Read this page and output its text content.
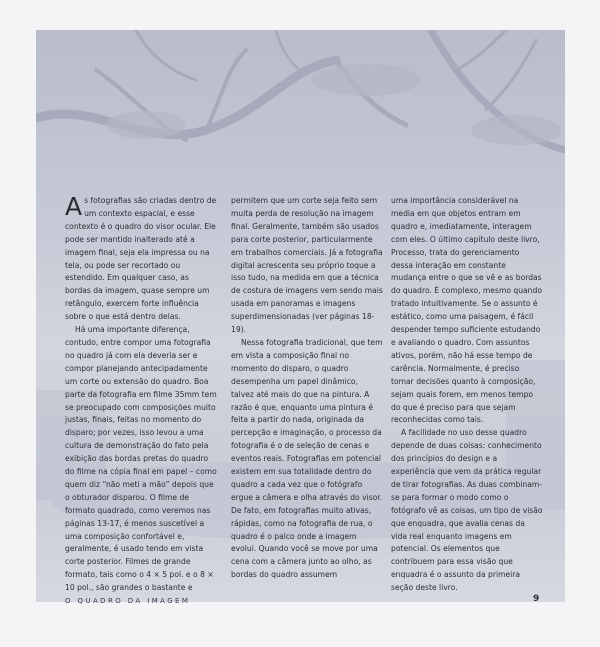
As fotografias são criadas dentro de um contexto espacial, e esse contexto é o quadro do visor ocular. Ele pode ser mantido inalterado até a imagem final, seja ela impressa ou na tela, ou pode ser recortado ou estendido. Em qualquer caso, as bordas da imagem, quase sempre um retângulo, exercem forte influência sobre o que está dentro delas.

Há uma importante diferença, contudo, entre compor uma fotografia no quadro já com ela deveria ser e compor planejando antecipadamente um corte ou extensão do quadro. Boa parte da fotografia em filme 35mm tem se preocupado com composições muito justas, finais, feitas no momento do disparo; por vezes, isso levou a uma cultura de demonstração do fato pela exibição das bordas pretas do quadro do filme na cópia final em papel – como quem diz “não meti a mão” depois que o obturador disparou. O filme de formato quadrado, como veremos nas páginas 13-17, é menos suscetível a uma composição confortável e, geralmente, é usado tendo em vista corte posterior. Filmes de grande formato, tais como o 4 × 5 pol. e o 8 × 10 pol., são grandes o bastante e

permitem que um corte seja feito sem muita perda de resolução na imagem final. Geralmente, também são usados para corte posterior, particularmente em trabalhos comerciais. Já a fotografia digital acrescenta seu próprio toque a isso tudo, na medida em que a técnica de costura de imagens vem sendo mais usada em panoramas e imagens superdimensionadas (ver páginas 18-19).

Nessa fotografia tradicional, que tem em vista a composição final no momento do disparo, o quadro desempenha um papel dinâmico, talvez até mais do que na pintura. A razão é que, enquanto uma pintura é feita a partir do nada, originada da percepção e imaginação, o processo da fotografia é o de seleção de cenas e eventos reais. Fotografias em potencial existem em sua totalidade dentro do quadro a cada vez que o fotógrafo ergue a câmera e olha através do visor. De fato, em fotografias muito ativas, rápidas, como na fotografia de rua, o quadro é o palco onde a imagem evolui. Quando você se move por uma cena com a câmera junto ao olho, as bordas do quadro assumem

uma importância considerável na media em que objetos entram em quadro e, imediatamente, interagem com eles. O último capítulo deste livro, Processo, trata do gerenciamento dessa interação em constante mudança entre o que se vê e as bordas do quadro. É complexo, mesmo quando tratado intuitivamente. Se o assunto é estático, como uma paisagem, é fácil despender tempo suficiente estudando e avaliando o quadro. Com assuntos ativos, porém, não há esse tempo de carência. Normalmente, é preciso tomar decisões quanto à composição, sejam quais forem, em menos tempo do que é preciso para que sejam reconhecidas como tais.

A facilidade no uso desse quadro depende de duas coisas: conhecimento dos princípios do design e a experiência que vem da prática regular de tirar fotografias. As duas combinam-se para formar o modo como o fotógrafo vê as coisas, um tipo de visão que enquadra, que avalia cenas da vida real enquanto imagens em potencial. Os elementos que contribuem para essa visão que enquadra é o assunto da primeira seção deste livro.

O QUADRO DA IMAGEM	9
